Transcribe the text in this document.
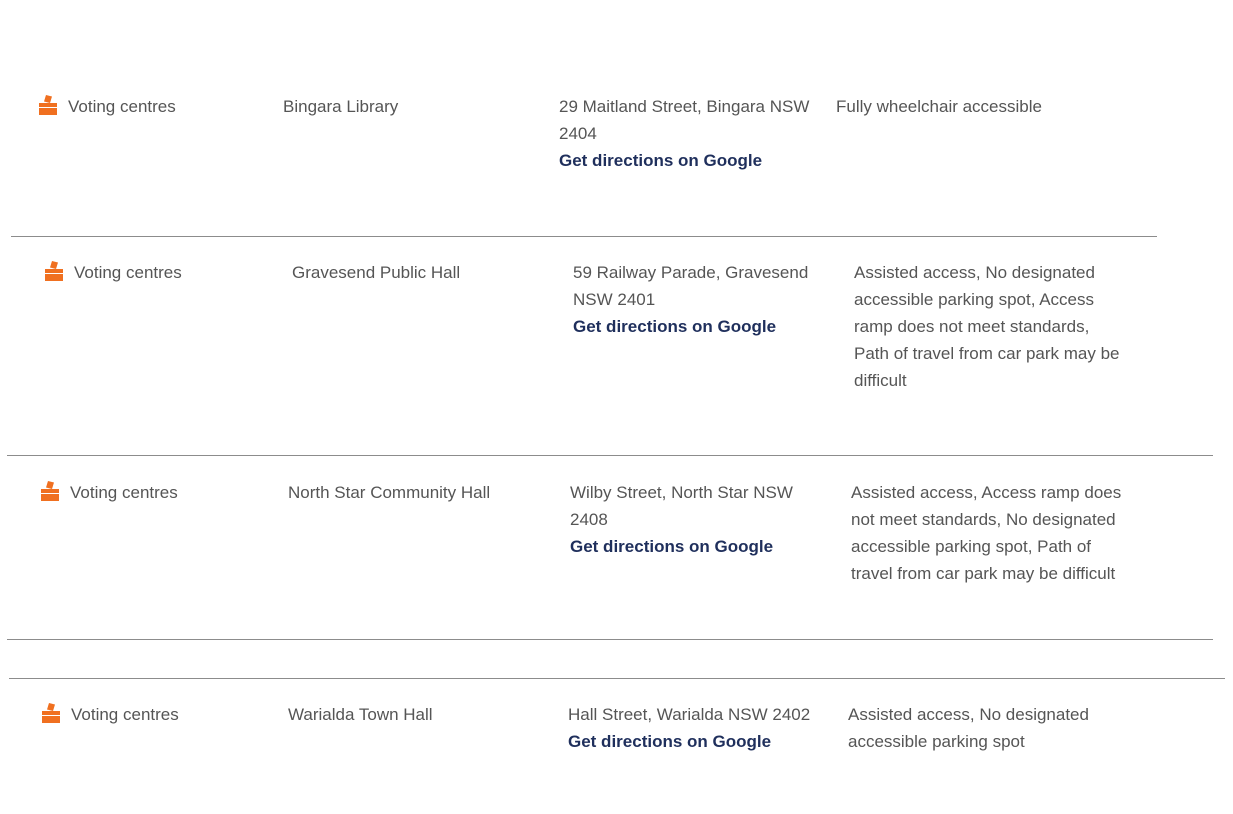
Voting centres	Bingara Library	29 Maitland Street, Bingara NSW 2404
Get directions on Google
Fully wheelchair accessible
Voting centres	Gravesend Public Hall	59 Railway Parade, Gravesend NSW 2401
Get directions on Google
Assisted access, No designated accessible parking spot, Access ramp does not meet standards, Path of travel from car park may be difficult
Voting centres	North Star Community Hall	Wilby Street, North Star NSW 2408
Get directions on Google
Assisted access, Access ramp does not meet standards, No designated accessible parking spot, Path of travel from car park may be difficult
Voting centres	Warialda Town Hall	Hall Street, Warialda NSW 2402
Get directions on Google
Assisted access, No designated accessible parking spot
